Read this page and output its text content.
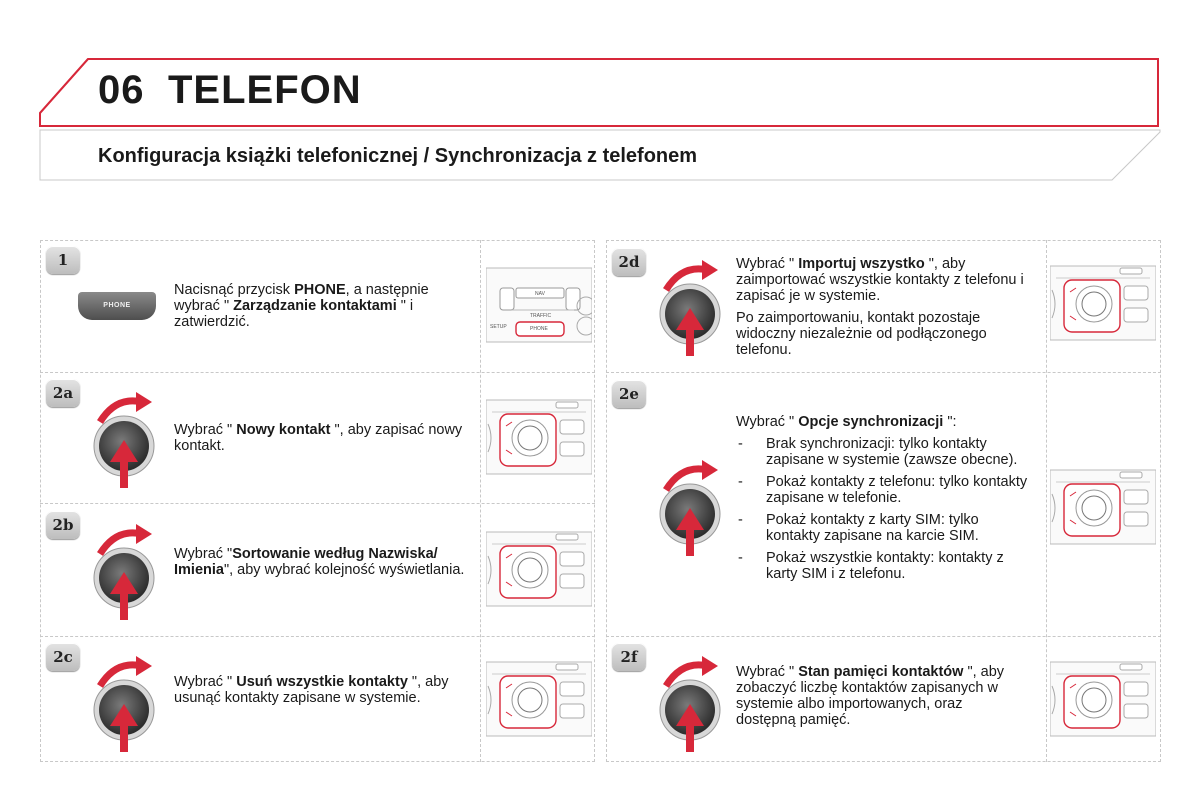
06 TELEFON
Konfiguracja książki telefonicznej / Synchronizacja z telefonem
1
PHONE
Nacisnąć przycisk PHONE, a następnie wybrać " Zarządzanie kontaktami " i zatwierdzić.
NAV
TRAFFIC
SETUP	PHONE
2a
Wybrać " Nowy kontakt ", aby zapisać nowy kontakt.
2b
Wybrać "Sortowanie według Nazwiska/ Imienia", aby wybrać kolejność wyświetlania.
2c
Wybrać " Usuń wszystkie kontakty ", aby usunąć kontakty zapisane w systemie.
2d	Wybrać " Importuj wszystko ", aby zaimportować wszystkie kontakty z telefonu i zapisać je w systemie.

Po zaimportowaniu, kontakt pozostaje widoczny niezależnie od podłączonego telefonu.

2e

Wybrać " Opcje synchronizacji ":

- Brak synchronizacji: tylko kontakty zapisane w systemie (zawsze obecne).
- Pokaż kontakty z telefonu: tylko kontakty zapisane w telefonie.
- Pokaż kontakty z karty SIM: tylko kontakty zapisane na karcie SIM.
- Pokaż wszystkie kontakty: kontakty z karty SIM i z telefonu.
2f
Wybrać " Stan pamięci kontaktów ", aby zobaczyć liczbę kontaktów zapisanych w systemie albo importowanych, oraz dostępną pamięć.
